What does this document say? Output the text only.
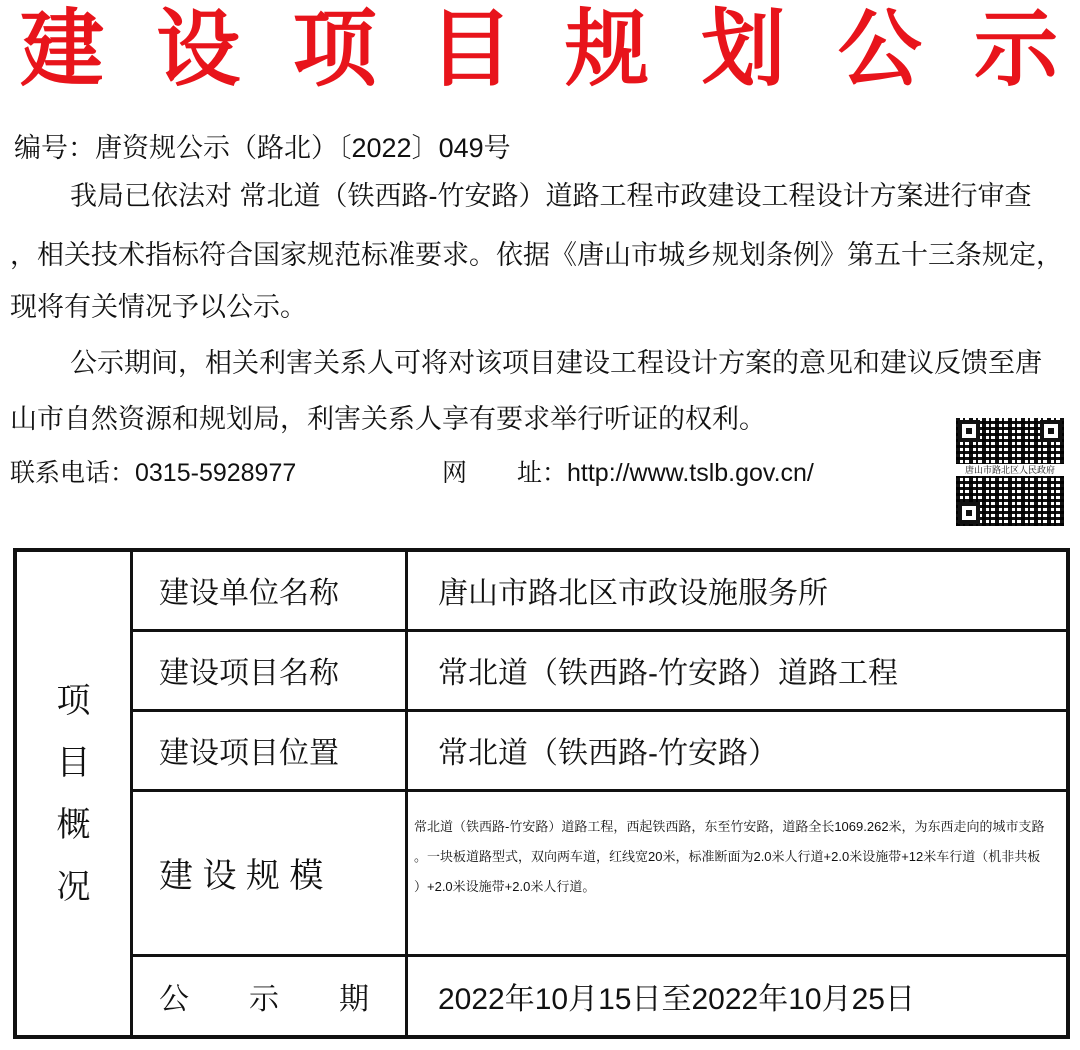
建 设 项 目 规 划 公 示
编号：唐资规公示（路北）〔2022〕049号
我局已依法对 常北道（铁西路-竹安路）道路工程市政建设工程设计方案进行审查
，相关技术指标符合国家规范标准要求。依据《唐山市城乡规划条例》第五十三条规定，
现将有关情况予以公示。
公示期间，相关利害关系人可将对该项目建设工程设计方案的意见和建议反馈至唐
山市自然资源和规划局，利害关系人享有要求举行听证的权利。
联系电话：0315-5928977	网　　址：http://www.tslb.gov.cn/	唐山市路北区人民政府
项
目
概
况	建设单位名称	唐山市路北区市政设施服务所
	建设项目名称	常北道（铁西路-竹安路）道路工程
	建设项目位置	常北道（铁西路-竹安路）
	建 设 规 模	常北道（铁西路-竹安路）道路工程，西起铁西路，东至竹安路，道路全长1069.262米，为东西走向的城市支路
。一块板道路型式，双向两车道，红线宽20米，标准断面为2.0米人行道+2.0米设施带+12米车行道（机非共板
）+2.0米设施带+2.0米人行道。

	公　　示　　期	2022年10月15日至2022年10月25日
